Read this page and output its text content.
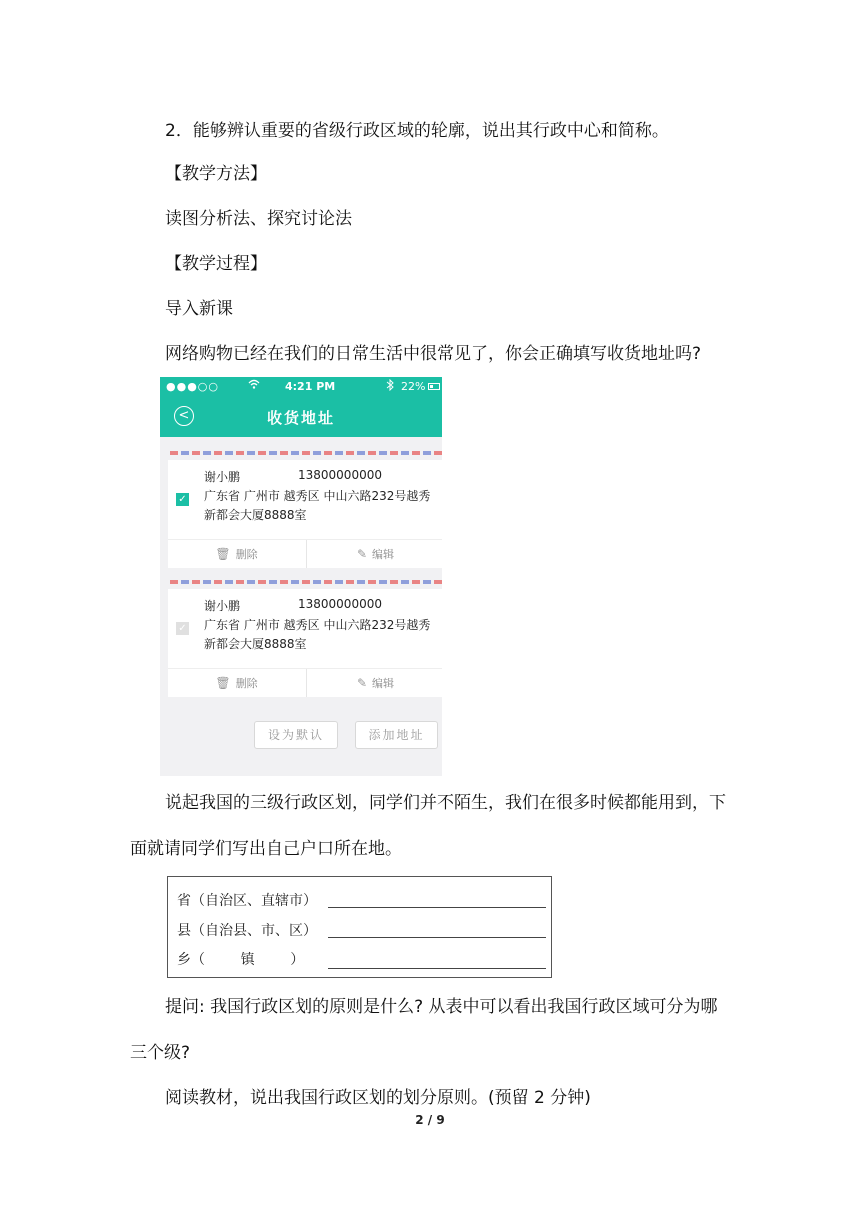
2．能够辨认重要的省级行政区域的轮廓，说出其行政中心和简称。
【教学方法】
读图分析法、探究讨论法
【教学过程】
导入新课
网络购物已经在我们的日常生活中很常见了，你会正确填写收货地址吗?
●●●○○	4:21 PM	22%
<	收货地址
✓
谢小鹏	13800000000
广东省 广州市 越秀区 中山六路232号越秀
新都会大厦8888室
🗑 删除	✎ 编辑
✓
谢小鹏	13800000000
广东省 广州市 越秀区 中山六路232号越秀
新都会大厦8888室
🗑 删除	✎ 编辑
设为默认	添加地址
说起我国的三级行政区划，同学们并不陌生，我们在很多时候都能用到，下
面就请同学们写出自己户口所在地。
省（自治区、直辖市）
县（自治县、市、区）
乡（        镇        ）
提问: 我国行政区划的原则是什么? 从表中可以看出我国行政区域可分为哪
三个级?
阅读教材，说出我国行政区划的划分原则。(预留 2 分钟)
2 / 9
